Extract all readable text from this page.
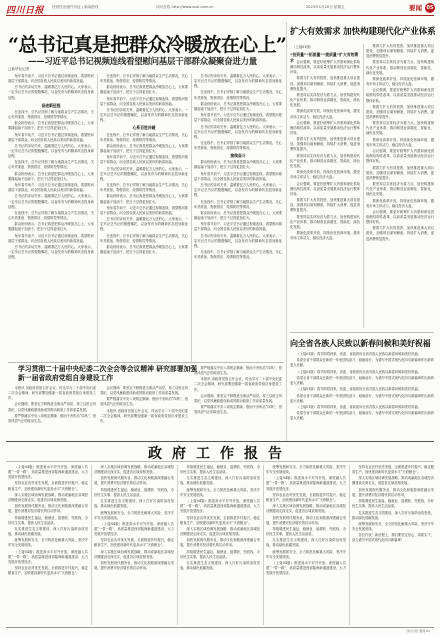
四川日报 经营性出版许可证 | 新闻热线	四川在线 http://www.scol.com.cn	2023年1月20日 星期五	要闻 05
“总书记真是把群众冷暖放在心上”
——习近平总书记视频连线看望慰问基层干部群众凝聚奋进力量
□新华社记者

兔年春节前夕，习近平总书记通过视频连线，看望慰问基层干部群众，向全国各族人民致以美好的新春祝福。

总书记的亲切关怀，温暖着亿万人民的心。大家表示，一定牢记总书记的殷殷嘱托，以奋发有为的精神状态投身新征程。

奋进新征程

在连线中，总书记详细了解当地群众生产生活情况，关心年货准备、物资供应、疫情防控等情况。

群众纷纷表示，总书记真是把群众冷暖放在心上，大家要撸起袖子加油干，把日子过得更加红火。

兔年春节前夕，习近平总书记通过视频连线，看望慰问基层干部群众，向全国各族人民致以美好的新春祝福。

总书记的亲切关怀，温暖着亿万人民的心。大家表示，一定牢记总书记的殷殷嘱托，以奋发有为的精神状态投身新征程。

在连线中，总书记详细了解当地群众生产生活情况，关心年货准备、物资供应、疫情防控等情况。

群众纷纷表示，总书记真是把群众冷暖放在心上，大家要撸起袖子加油干，把日子过得更加红火。

兔年春节前夕，习近平总书记通过视频连线，看望慰问基层干部群众，向全国各族人民致以美好的新春祝福。

总书记的亲切关怀，温暖着亿万人民的心。大家表示，一定牢记总书记的殷殷嘱托，以奋发有为的精神状态投身新征程。

在连线中，总书记详细了解当地群众生产生活情况，关心年货准备、物资供应、疫情防控等情况。

群众纷纷表示，总书记真是把群众冷暖放在心上，大家要撸起袖子加油干，把日子过得更加红火。

兔年春节前夕，习近平总书记通过视频连线，看望慰问基层干部群众，向全国各族人民致以美好的新春祝福。

总书记的亲切关怀，温暖着亿万人民的心。大家表示，一定牢记总书记的殷殷嘱托，以奋发有为的精神状态投身新征程。

在连线中，总书记详细了解当地群众生产生活情况，关心年货准备、物资供应、疫情防控等情况。

群众纷纷表示，总书记真是把群众冷暖放在心上，大家要撸起袖子加油干，把日子过得更加红火。

兔年春节前夕，习近平总书记通过视频连线，看望慰问基层干部群众，向全国各族人民致以美好的新春祝福。

总书记的亲切关怀，温暖着亿万人民的心。大家表示，一定牢记总书记的殷殷嘱托，以奋发有为的精神状态投身新征程。

心系百姓冷暖

在连线中，总书记详细了解当地群众生产生活情况，关心年货准备、物资供应、疫情防控等情况。

群众纷纷表示，总书记真是把群众冷暖放在心上，大家要撸起袖子加油干，把日子过得更加红火。

兔年春节前夕，习近平总书记通过视频连线，看望慰问基层干部群众，向全国各族人民致以美好的新春祝福。

总书记的亲切关怀，温暖着亿万人民的心。大家表示，一定牢记总书记的殷殷嘱托，以奋发有为的精神状态投身新征程。

在连线中，总书记详细了解当地群众生产生活情况，关心年货准备、物资供应、疫情防控等情况。

群众纷纷表示，总书记真是把群众冷暖放在心上，大家要撸起袖子加油干，把日子过得更加红火。

兔年春节前夕，习近平总书记通过视频连线，看望慰问基层干部群众，向全国各族人民致以美好的新春祝福。

总书记的亲切关怀，温暖着亿万人民的心。大家表示，一定牢记总书记的殷殷嘱托，以奋发有为的精神状态投身新征程。

在连线中，总书记详细了解当地群众生产生活情况，关心年货准备、物资供应、疫情防控等情况。

群众纷纷表示，总书记真是把群众冷暖放在心上，大家要撸起袖子加油干，把日子过得更加红火。

总书记的亲切关怀，温暖着亿万人民的心。大家表示，一定牢记总书记的殷殷嘱托，以奋发有为的精神状态投身新征程。

在连线中，总书记详细了解当地群众生产生活情况，关心年货准备、物资供应、疫情防控等情况。

群众纷纷表示，总书记真是把群众冷暖放在心上，大家要撸起袖子加油干，把日子过得更加红火。

兔年春节前夕，习近平总书记通过视频连线，看望慰问基层干部群众，向全国各族人民致以美好的新春祝福。

总书记的亲切关怀，温暖着亿万人民的心。大家表示，一定牢记总书记的殷殷嘱托，以奋发有为的精神状态投身新征程。

在连线中，总书记详细了解当地群众生产生活情况，关心年货准备、物资供应、疫情防控等情况。

接续奋斗

群众纷纷表示，总书记真是把群众冷暖放在心上，大家要撸起袖子加油干，把日子过得更加红火。

兔年春节前夕，习近平总书记通过视频连线，看望慰问基层干部群众，向全国各族人民致以美好的新春祝福。

总书记的亲切关怀，温暖着亿万人民的心。大家表示，一定牢记总书记的殷殷嘱托，以奋发有为的精神状态投身新征程。

在连线中，总书记详细了解当地群众生产生活情况，关心年货准备、物资供应、疫情防控等情况。

群众纷纷表示，总书记真是把群众冷暖放在心上，大家要撸起袖子加油干，把日子过得更加红火。

兔年春节前夕，习近平总书记通过视频连线，看望慰问基层干部群众，向全国各族人民致以美好的新春祝福。

总书记的亲切关怀，温暖着亿万人民的心。大家表示，一定牢记总书记的殷殷嘱托，以奋发有为的精神状态投身新征程。

在连线中，总书记详细了解当地群众生产生活情况，关心年货准备、物资供应、疫情防控等情况。

扩大有效需求 加快构建现代化产业体系
（上接01版）
“投资量”“拓面量”“提质量”扩大有效需求 会议强调，要更好统筹扩大内需和深化供给侧结构性改革，以高质量发展推动经济运行整体好转。

要着力扩大有效投资，加快推进重大项目建设，加强项目谋划储备，持续扩大消费，促进消费恢复提升。

要坚持以实体经济为着力点，加快构建现代化产业体系，推动制造业高端化、智能化、绿色化发展。

要深化改革开放，持续优化营商环境，激发市场主体活力，稳住经济大盘。

会议强调，要更好统筹扩大内需和深化供给侧结构性改革，以高质量发展推动经济运行整体好转。

要着力扩大有效投资，加快推进重大项目建设，加强项目谋划储备，持续扩大消费，促进消费恢复提升。

要坚持以实体经济为着力点，加快构建现代化产业体系，推动制造业高端化、智能化、绿色化发展。

要深化改革开放，持续优化营商环境，激发市场主体活力，稳住经济大盘。

会议强调，要更好统筹扩大内需和深化供给侧结构性改革，以高质量发展推动经济运行整体好转。

要着力扩大有效投资，加快推进重大项目建设，加强项目谋划储备，持续扩大消费，促进消费恢复提升。

要坚持以实体经济为着力点，加快构建现代化产业体系，推动制造业高端化、智能化、绿色化发展。

要深化改革开放，持续优化营商环境，激发市场主体活力，稳住经济大盘。

要着力扩大有效投资，加快推进重大项目建设，加强项目谋划储备，持续扩大消费，促进消费恢复提升。

要坚持以实体经济为着力点，加快构建现代化产业体系，推动制造业高端化、智能化、绿色化发展。

要深化改革开放，持续优化营商环境，激发市场主体活力，稳住经济大盘。

会议强调，要更好统筹扩大内需和深化供给侧结构性改革，以高质量发展推动经济运行整体好转。

要着力扩大有效投资，加快推进重大项目建设，加强项目谋划储备，持续扩大消费，促进消费恢复提升。

要坚持以实体经济为着力点，加快构建现代化产业体系，推动制造业高端化、智能化、绿色化发展。

要深化改革开放，持续优化营商环境，激发市场主体活力，稳住经济大盘。

会议强调，要更好统筹扩大内需和深化供给侧结构性改革，以高质量发展推动经济运行整体好转。

要着力扩大有效投资，加快推进重大项目建设，加强项目谋划储备，持续扩大消费，促进消费恢复提升。

要坚持以实体经济为着力点，加快构建现代化产业体系，推动制造业高端化、智能化、绿色化发展。

要深化改革开放，持续优化营商环境，激发市场主体活力，稳住经济大盘。

会议强调，要更好统筹扩大内需和深化供给侧结构性改革，以高质量发展推动经济运行整体好转。

要着力扩大有效投资，加快推进重大项目建设，加强项目谋划储备，持续扩大消费，促进消费恢复提升。

向全省各族人民致以新春问候和美好祝福

（上接01版）春节即将到来，省委、省政府向全省各族人民致以新春问候和美好祝福。

希望全省干部群众在新的一年里团结奋斗、砥砺前行，为谱写中国式现代化四川新篇章作出新的更大贡献。

（上接01版）春节即将到来，省委、省政府向全省各族人民致以新春问候和美好祝福。

希望全省干部群众在新的一年里团结奋斗、砥砺前行，为谱写中国式现代化四川新篇章作出新的更大贡献。

（上接01版）春节即将到来，省委、省政府向全省各族人民致以新春问候和美好祝福。

希望全省干部群众在新的一年里团结奋斗、砥砺前行，为谱写中国式现代化四川新篇章作出新的更大贡献。

（上接01版）春节即将到来，省委、省政府向全省各族人民致以新春问候和美好祝福。

希望全省干部群众在新的一年里团结奋斗、砥砺前行，为谱写中国式现代化四川新篇章作出新的更大贡献。

学习贯彻二十届中央纪委二次全会等会议精神 研究部署加强新一届省政府党组自身建设工作

本报讯 省政府党组召开会议，传达学习二十届中央纪委二次全会精神，研究部署加强新一届省政府党组自身建设工作。

会议强调，要坚定不移推进全面从严治党，持之以恒正风肃纪，以党风廉政建设新成效推动政府工作高质量发展。

要严格落实中央八项规定精神，锲而不舍纠治“四风”，营造风清气正的政治生态。

会议强调，要坚定不移推进全面从严治党，持之以恒正风肃纪，以党风廉政建设新成效推动政府工作高质量发展。

要严格落实中央八项规定精神，锲而不舍纠治“四风”，营造风清气正的政治生态。

本报讯 省政府党组召开会议，传达学习二十届中央纪委二次全会精神，研究部署加强新一届省政府党组自身建设工作。

要严格落实中央八项规定精神，锲而不舍纠治“四风”，营造风清气正的政治生态。

本报讯 省政府党组召开会议，传达学习二十届中央纪委二次全会精神，研究部署加强新一届省政府党组自身建设工作。

会议强调，要坚定不移推进全面从严治党，持之以恒正风肃纪，以党风廉政建设新成效推动政府工作高质量发展。

要严格落实中央八项规定精神，锲而不舍纠治“四风”，营造风清气正的政治生态。

政府工作报告

（上接04版）推进高水平对外开放，深度融入共建“一带一路”，高质量推进西部陆海新通道建设，大力发展开放型经济。

坚持农业农村优先发展，全面推进乡村振兴，稳定粮食生产，加快建设新时代更高水平“天府粮仓”。

深入实施区域协调发展战略，推动成渝地区双城经济圈建设走深走实，促进各区域竞相发展。

加快发展现代服务业，推动文化和旅游深度融合发展，提升消费对经济增长的拉动作用。

持续增进民生福祉，稳就业、促增收、兜底线，办好民生实事，提高人民生活品质。

扎实推进生态文明建设，深入打好污染防治攻坚战，推动绿色低碳发展。

统筹发展和安全，全力防范化解重大风险，坚决守牢安全发展底线。

（上接04版）推进高水平对外开放，深度融入共建“一带一路”，高质量推进西部陆海新通道建设，大力发展开放型经济。

坚持农业农村优先发展，全面推进乡村振兴，稳定粮食生产，加快建设新时代更高水平“天府粮仓”。

深入实施区域协调发展战略，推动成渝地区双城经济圈建设走深走实，促进各区域竞相发展。

加快发展现代服务业，推动文化和旅游深度融合发展，提升消费对经济增长的拉动作用。

持续增进民生福祉，稳就业、促增收、兜底线，办好民生实事，提高人民生活品质。

扎实推进生态文明建设，深入打好污染防治攻坚战，推动绿色低碳发展。

统筹发展和安全，全力防范化解重大风险，坚决守牢安全发展底线。

（上接04版）推进高水平对外开放，深度融入共建“一带一路”，高质量推进西部陆海新通道建设，大力发展开放型经济。

坚持农业农村优先发展，全面推进乡村振兴，稳定粮食生产，加快建设新时代更高水平“天府粮仓”。

深入实施区域协调发展战略，推动成渝地区双城经济圈建设走深走实，促进各区域竞相发展。

加快发展现代服务业，推动文化和旅游深度融合发展，提升消费对经济增长的拉动作用。

持续增进民生福祉，稳就业、促增收、兜底线，办好民生实事，提高人民生活品质。

扎实推进生态文明建设，深入打好污染防治攻坚战，推动绿色低碳发展。

统筹发展和安全，全力防范化解重大风险，坚决守牢安全发展底线。

（上接04版）推进高水平对外开放，深度融入共建“一带一路”，高质量推进西部陆海新通道建设，大力发展开放型经济。

坚持农业农村优先发展，全面推进乡村振兴，稳定粮食生产，加快建设新时代更高水平“天府粮仓”。

深入实施区域协调发展战略，推动成渝地区双城经济圈建设走深走实，促进各区域竞相发展。

加快发展现代服务业，推动文化和旅游深度融合发展，提升消费对经济增长的拉动作用。

持续增进民生福祉，稳就业、促增收、兜底线，办好民生实事，提高人民生活品质。

扎实推进生态文明建设，深入打好污染防治攻坚战，推动绿色低碳发展。

统筹发展和安全，全力防范化解重大风险，坚决守牢安全发展底线。

（上接04版）推进高水平对外开放，深度融入共建“一带一路”，高质量推进西部陆海新通道建设，大力发展开放型经济。

坚持农业农村优先发展，全面推进乡村振兴，稳定粮食生产，加快建设新时代更高水平“天府粮仓”。

深入实施区域协调发展战略，推动成渝地区双城经济圈建设走深走实，促进各区域竞相发展。

加快发展现代服务业，推动文化和旅游深度融合发展，提升消费对经济增长的拉动作用。

持续增进民生福祉，稳就业、促增收、兜底线，办好民生实事，提高人民生活品质。

扎实推进生态文明建设，深入打好污染防治攻坚战，推动绿色低碳发展。

统筹发展和安全，全力防范化解重大风险，坚决守牢安全发展底线。

（上接04版）推进高水平对外开放，深度融入共建“一带一路”，高质量推进西部陆海新通道建设，大力发展开放型经济。

坚持农业农村优先发展，全面推进乡村振兴，稳定粮食生产，加快建设新时代更高水平“天府粮仓”。

深入实施区域协调发展战略，推动成渝地区双城经济圈建设走深走实，促进各区域竞相发展。

加快发展现代服务业，推动文化和旅游深度融合发展，提升消费对经济增长的拉动作用。

持续增进民生福祉，稳就业、促增收、兜底线，办好民生实事，提高人民生活品质。

扎实推进生态文明建设，深入打好污染防治攻坚战，推动绿色低碳发展。

统筹发展和安全，全力防范化解重大风险，坚决守牢安全发展底线。

各位代表！新征程上，我们要坚定信心、真抓实干，奋力谱写中国式现代化四川新篇章！

四川日报 要闻 05
